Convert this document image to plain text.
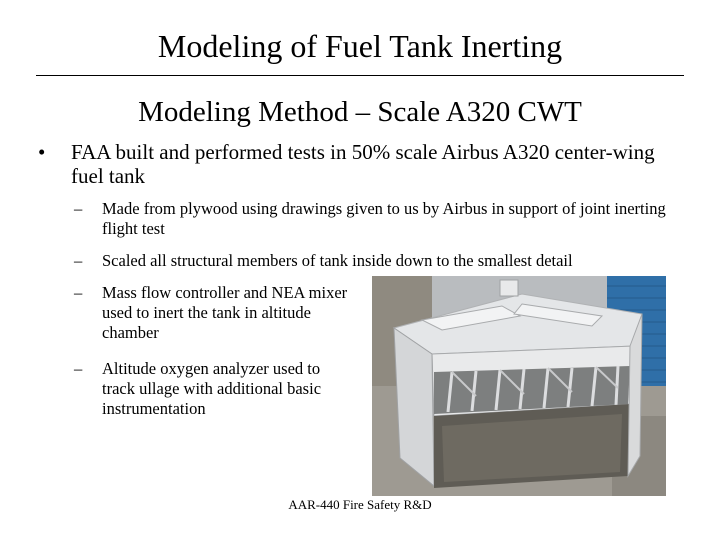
Modeling of Fuel Tank Inerting
Modeling Method – Scale A320 CWT
• FAA built and performed tests in 50% scale Airbus A320 center-wing fuel tank
– Made from plywood using drawings given to us by Airbus in support of joint inerting flight test
– Scaled all structural members of tank inside down to the smallest detail
– Mass flow controller and NEA mixer used to inert the tank in altitude chamber
– Altitude oxygen analyzer used to track ullage with additional basic instrumentation
AAR-440 Fire Safety R&D
